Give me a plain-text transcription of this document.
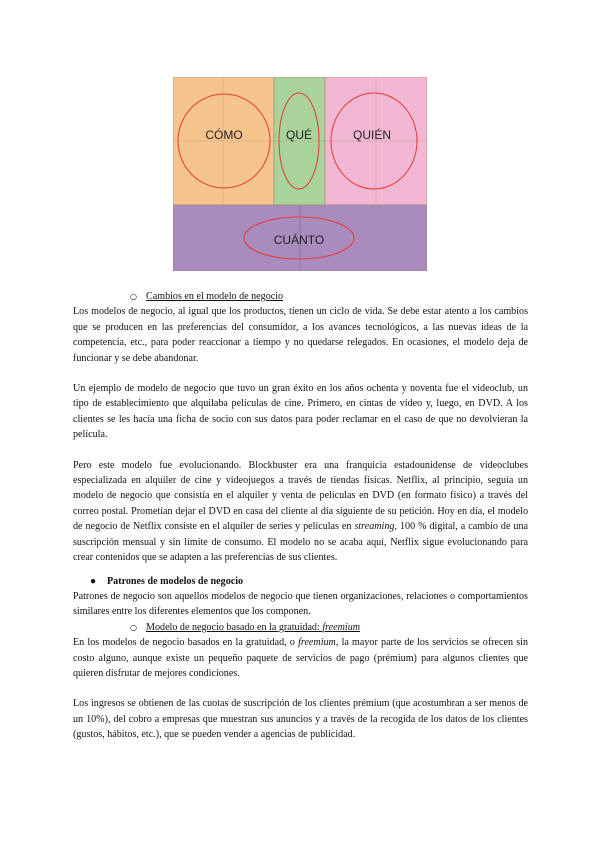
CÓMO	QUÉ	QUIÉN
CUÁNTO
○ Cambios en el modelo de negocio

Los modelos de negocio, al igual que los productos, tienen un ciclo de vida. Se debe estar atento a los cambios que se producen en las preferencias del consumidor, a los avances tecnológicos, a las nuevas ideas de la competencia, etc., para poder reaccionar a tiempo y no quedarse relegados. En ocasiones, el modelo deja de funcionar y se debe abandonar.

Un ejemplo de modelo de negocio que tuvo un gran éxito en los años ochenta y noventa fue el videoclub, un tipo de establecimiento que alquilaba películas de cine. Primero, en cintas de vídeo y, luego, en DVD. A los clientes se les hacía una ficha de socio con sus datos para poder reclamar en el caso de que no devolvieran la película.

Pero este modelo fue evolucionando. Blockbuster era una franquicia estadounidense de videoclubes especializada en alquiler de cine y videojuegos a través de tiendas físicas. Netflix, al principio, seguía un modelo de negocio que consistía en el alquiler y venta de películas en DVD (en formato físico) a través del correo postal. Prometían dejar el DVD en casa del cliente al día siguiente de su petición. Hoy en día, el modelo de negocio de Netflix consiste en el alquiler de series y películas en streaming, 100 % digital, a cambio de una suscripción mensual y sin límite de consumo. El modelo no se acaba aquí, Netflix sigue evolucionando para crear contenidos que se adapten a las preferencias de sus clientes.

● Patrones de modelos de negocio

Patrones de negocio son aquellos modelos de negocio que tienen organizaciones, relaciones o comportamientos similares entre los diferentes elementos que los componen.

○ Modelo de negocio basado en la gratuidad: freemium

En los modelos de negocio basados en la gratuidad, o freemium, la mayor parte de los servicios se ofrecen sin costo alguno, aunque existe un pequeño paquete de servicios de pago (prémium) para algunos clientes que quieren disfrutar de mejores condiciones.

Los ingresos se obtienen de las cuotas de suscripción de los clientes prémium (que acostumbran a ser menos de un 10%), del cobro a empresas que muestran sus anuncios y a través de la recogida de los datos de los clientes (gustos, hábitos, etc.), que se pueden vender a agencias de publicidad.
